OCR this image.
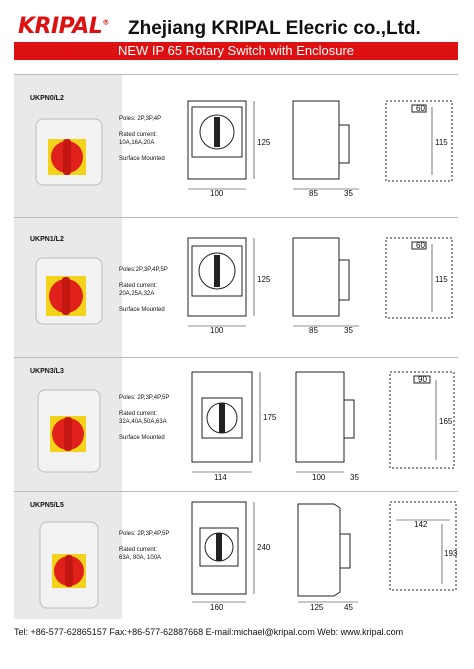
KRIPAL® Zhejiang KRIPAL Elecric co.,Ltd.
NEW IP 65 Rotary Switch with Enclosure
UKPN0/L2
Poles: 2P,3P,4P
Rated current:
10A,16A,20A
Surface Mounted
100
125
85	35
60
115
UKPN1/L2
Poles:2P,3P,4P,5P
Rated current:
20A,25A,32A
Surface Mounted
100
125
85	35
60
115
UKPN3/L3
Poles: 2P,3P,4P,5P
Rated current:
32A,40A,50A,63A
Surface Mounted
114
175
100	35
90
165
UKPN5/L5
Poles: 2P,3P,4P,5P
Rated current:
63A, 80A, 100A
160
240
125	45
142
193
Tel: +86-577-62865157 Fax:+86-577-62887668 E-mail:michael@kripal.com Web: www.kripal.com
